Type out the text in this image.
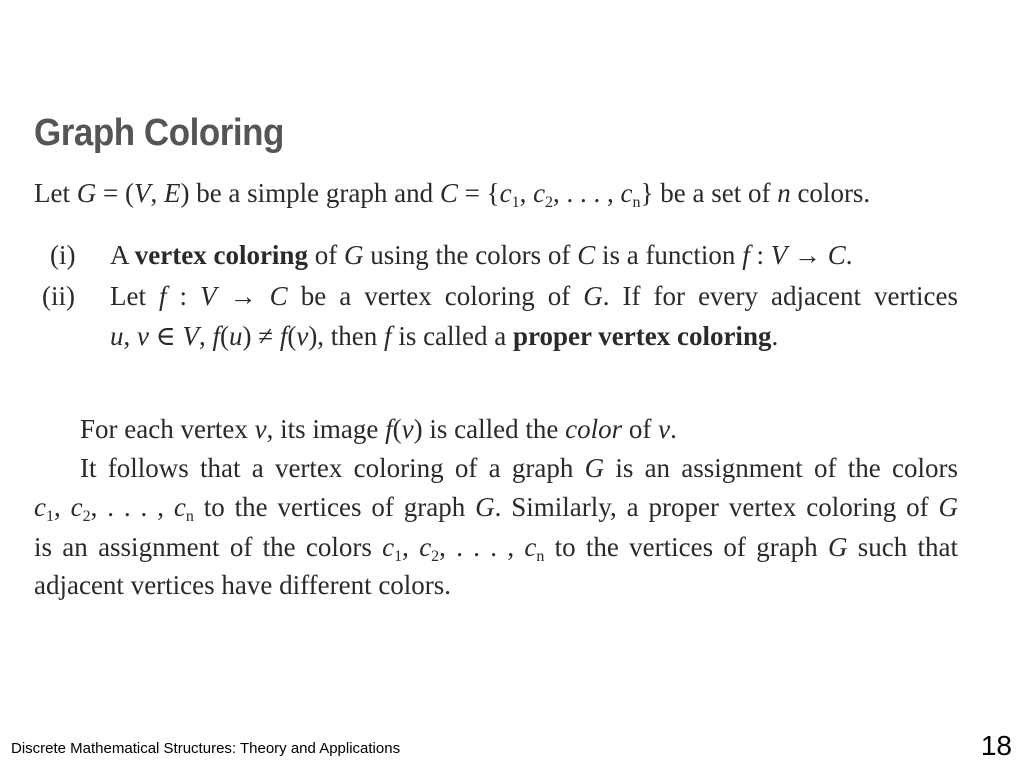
Graph Coloring
Let G = (V, E) be a simple graph and $C = \{c_1$, $c_2$, . . . , $c_n$} be a set of n colors.
(i) A vertex coloring of G using the colors of C is a function f : V → C.
(ii) Let f : V → C be a vertex coloring of G. If for every adjacent vertices
u, v ∈ V, f(u) ≠ f(v), then f is called a proper vertex coloring.
For each vertex v, its image f(v) is called the color of v.
It follows that a vertex coloring of a graph G is an assignment of the colors
$c_1$, $c_2$, . . . , $c_n$ to the vertices of graph G. Similarly, a proper vertex coloring of G
is an assignment of the colors $c_1$, $c_2$, . . . , $c_n$ to the vertices of graph G such that
adjacent vertices have different colors.
Discrete Mathematical Structures: Theory and Applications	18
